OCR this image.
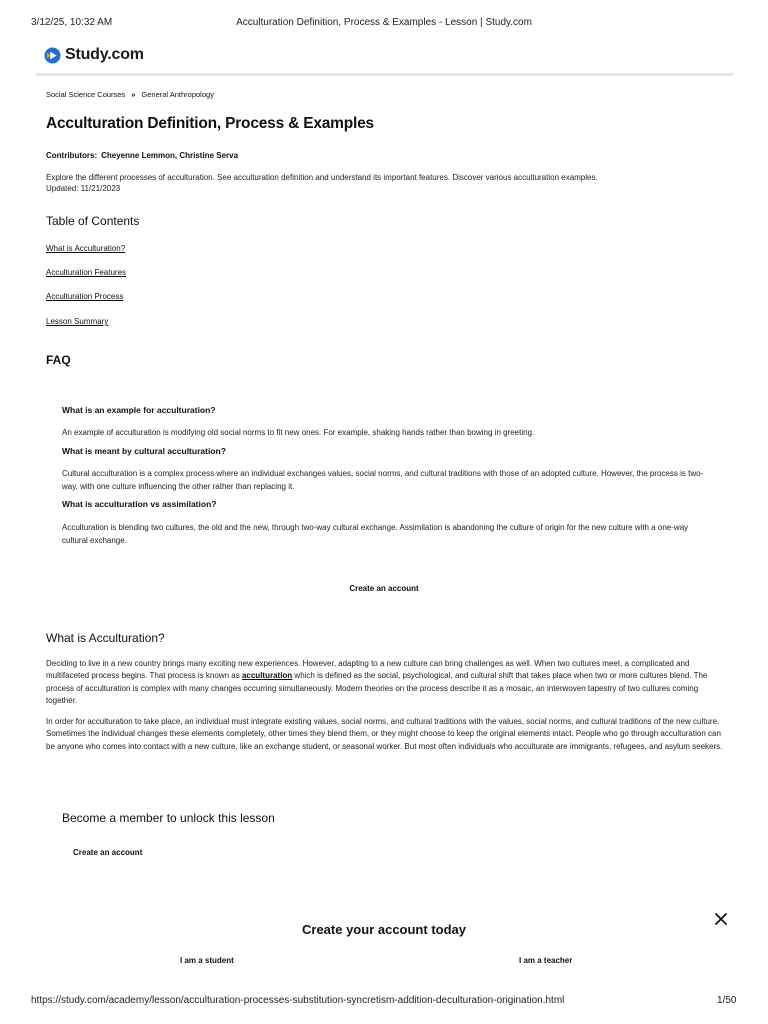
3/12/25, 10:32 AM	Acculturation Definition, Process & Examples - Lesson | Study.com
Study.com
Social Science Courses » General Anthropology
Acculturation Definition, Process & Examples
Contributors: Cheyenne Lemmon, Christine Serva
Explore the different processes of acculturation. See acculturation definition and understand its important features. Discover various acculturation examples.
Updated: 11/21/2023
Table of Contents
What is Acculturation?
Acculturation Features
Acculturation Process
Lesson Summary
FAQ
What is an example for acculturation?
An example of acculturation is modifying old social norms to fit new ones. For example, shaking hands rather than bowing in greeting.
What is meant by cultural acculturation?
Cultural acculturation is a complex process where an individual exchanges values, social norms, and cultural traditions with those of an adopted culture. However, the process is two-way, with one culture influencing the other rather than replacing it.
What is acculturation vs assimilation?
Acculturation is blending two cultures, the old and the new, through two-way cultural exchange. Assimilation is abandoning the culture of origin for the new culture with a one-way cultural exchange.
Create an account
What is Acculturation?

Deciding to live in a new country brings many exciting new experiences. However, adapting to a new culture can bring challenges as well. When two cultures meet, a complicated and multifaceted process begins. That process is known as acculturation which is defined as the social, psychological, and cultural shift that takes place when two or more cultures blend. The process of acculturation is complex with many changes occurring simultaneously. Modern theories on the process describe it as a mosaic, an interwoven tapestry of two cultures coming together.

In order for acculturation to take place, an individual must integrate existing values, social norms, and cultural traditions with the values, social norms, and cultural traditions of the new culture. Sometimes the individual changes these elements completely, other times they blend them, or they might choose to keep the original elements intact. People who go through acculturation can be anyone who comes into contact with a new culture, like an exchange student, or seasonal worker. But most often individuals who acculturate are immigrants, refugees, and asylum seekers.

Become a member to unlock this lesson
Create an account
Create your account today
I am a student	I am a teacher
https://study.com/academy/lesson/acculturation-processes-substitution-syncretism-addition-deculturation-origination.html	1/50
